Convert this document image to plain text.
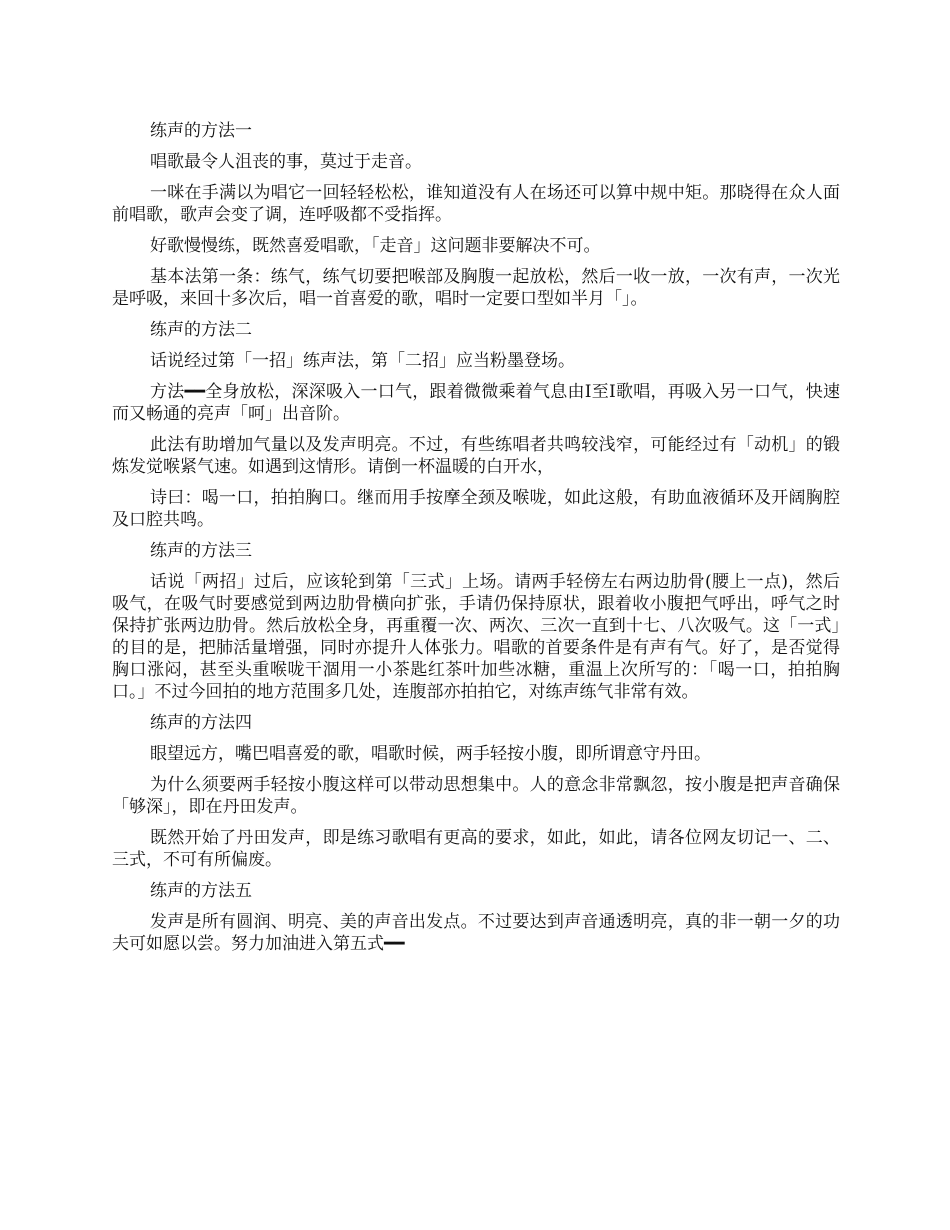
练声的方法一

唱歌最令人沮丧的事，莫过于走音。

一咪在手满以为唱它一回轻轻松松，谁知道没有人在场还可以算中规中矩。那晓得在众人面前唱歌，歌声会变了调，连呼吸都不受指挥。

好歌慢慢练，既然喜爱唱歌，「走音」这问题非要解决不可。

基本法第一条：练气，练气切要把喉部及胸腹一起放松，然后一收一放，一次有声，一次光是呼吸，来回十多次后，唱一首喜爱的歌，唱时一定要口型如半月「」。

练声的方法二

话说经过第「一招」练声法，第「二招」应当粉墨登场。

方法━━全身放松，深深吸入一口气，跟着微微乘着气息由Ⅰ至Ⅰ歌唱，再吸入另一口气，快速而又畅通的亮声「呵」出音阶。

此法有助增加气量以及发声明亮。不过，有些练唱者共鸣较浅窄，可能经过有「动机」的锻炼发觉喉紧气速。如遇到这情形。请倒一杯温暖的白开水，

诗曰：喝一口，拍拍胸口。继而用手按摩全颈及喉咙，如此这般，有助血液循环及开阔胸腔及口腔共鸣。

练声的方法三

话说「两招」过后，应该轮到第「三式」上场。请两手轻傍左右两边肋骨(腰上一点)，然后吸气，在吸气时要感觉到两边肋骨横向扩张，手请仍保持原状，跟着收小腹把气呼出，呼气之时保持扩张两边肋骨。然后放松全身，再重覆一次、两次、三次一直到十七、八次吸气。这「一式」的目的是，把肺活量增强，同时亦提升人体张力。唱歌的首要条件是有声有气。好了，是否觉得胸口涨闷，甚至头重喉咙干涸用一小茶匙红茶叶加些冰糖，重温上次所写的：「喝一口，拍拍胸口。」不过今回拍的地方范围多几处，连腹部亦拍拍它，对练声练气非常有效。

练声的方法四

眼望远方，嘴巴唱喜爱的歌，唱歌时候，两手轻按小腹，即所谓意守丹田。

为什么须要两手轻按小腹这样可以带动思想集中。人的意念非常飘忽，按小腹是把声音确保「够深」，即在丹田发声。

既然开始了丹田发声，即是练习歌唱有更高的要求，如此，如此，请各位网友切记一、二、三式，不可有所偏废。

练声的方法五

发声是所有圆润、明亮、美的声音出发点。不过要达到声音通透明亮，真的非一朝一夕的功夫可如愿以尝。努力加油进入第五式━━
